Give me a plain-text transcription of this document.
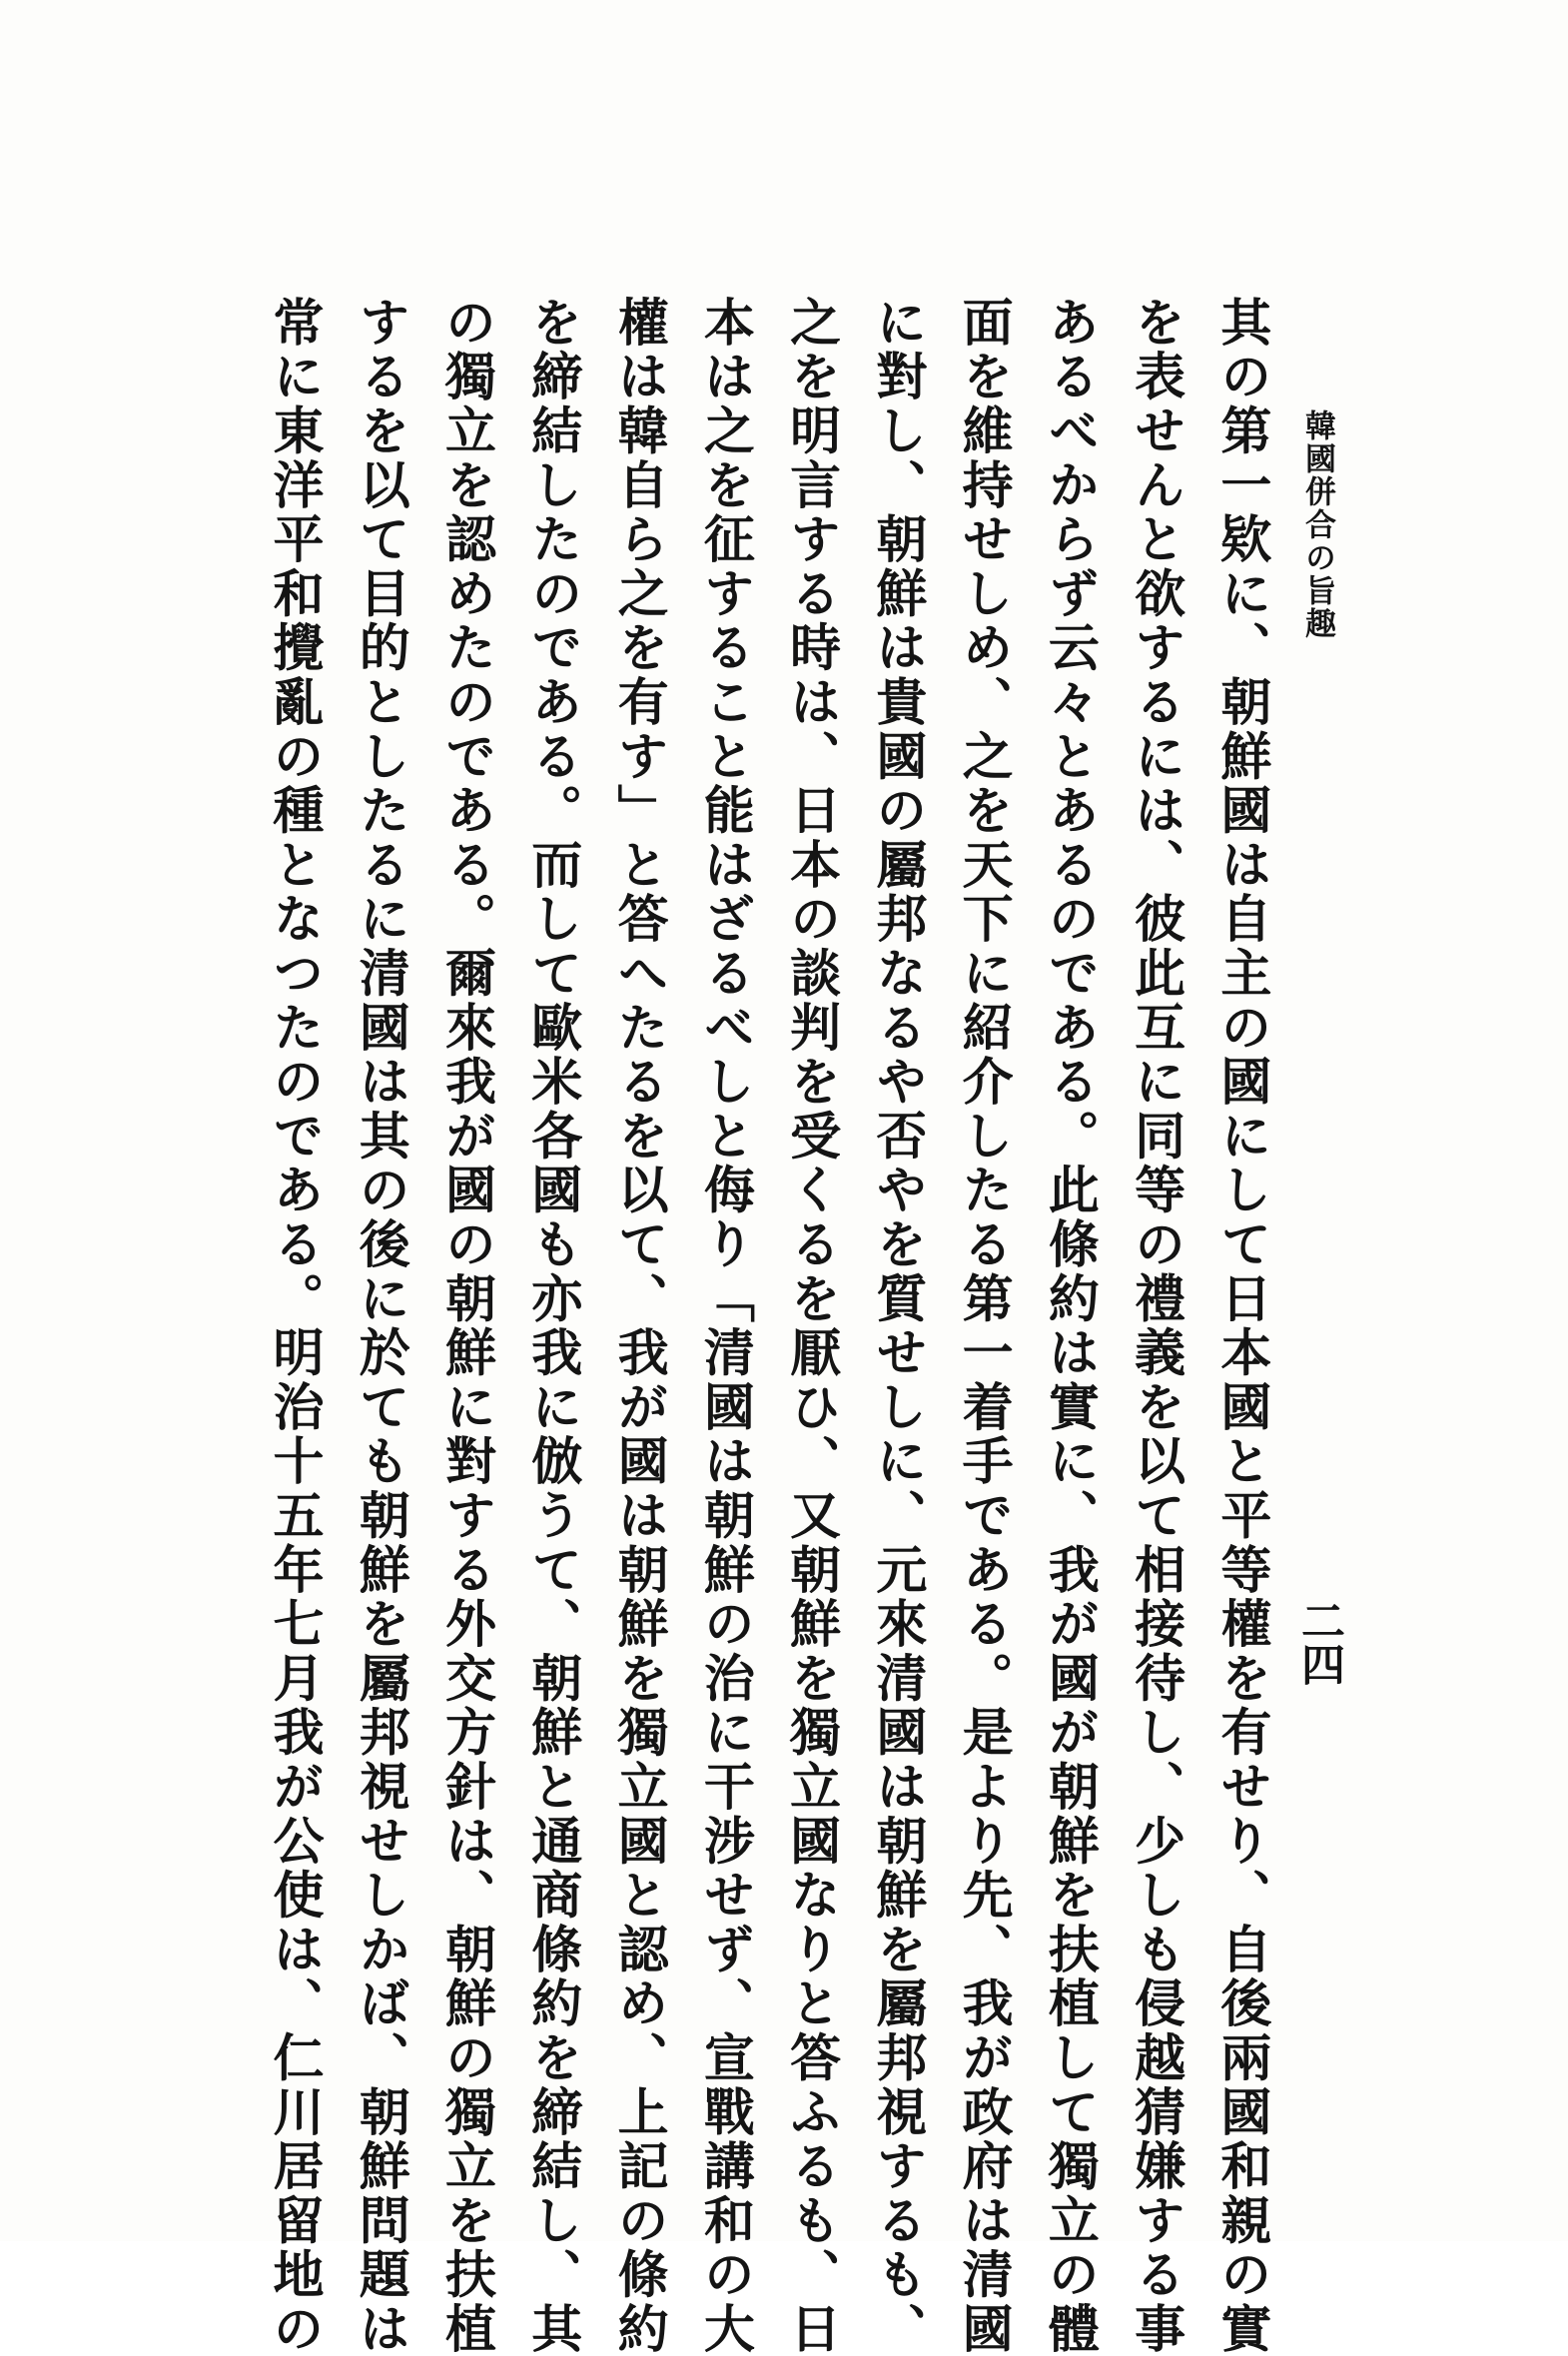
韓國併合の旨趣
二四
其の第一欵に、朝鮮國は自主の國にして日本國と平等權を有せり、自後兩國和親の實
を表せんと欲するには、彼此互に同等の禮義を以て相接待し、少しも侵越猜嫌する事
あるべからず云々とあるのである。此條約は實に、我が國が朝鮮を扶植して獨立の體
面を維持せしめ、之を天下に紹介したる第一着手である。是より先、我が政府は清國
に對し、朝鮮は貴國の屬邦なるや否やを質せしに、元來清國は朝鮮を屬邦視するも、
之を明言する時は、日本の談判を受くるを厭ひ、又朝鮮を獨立國なりと答ふるも、日
本は之を征すること能はざるべしと侮り「清國は朝鮮の治に干涉せず、宣戰講和の大
權は韓自ら之を有す」と答へたるを以て、我が國は朝鮮を獨立國と認め、上記の條約
を締結したのである。而して歐米各國も亦我に倣うて、朝鮮と通商條約を締結し、其
の獨立を認めたのである。爾來我が國の朝鮮に對する外交方針は、朝鮮の獨立を扶植
するを以て目的としたるに清國は其の後に於ても朝鮮を屬邦視せしかば、朝鮮問題は
常に東洋平和攪亂の種となつたのである。明治十五年七月我が公使は、仁川居留地の
